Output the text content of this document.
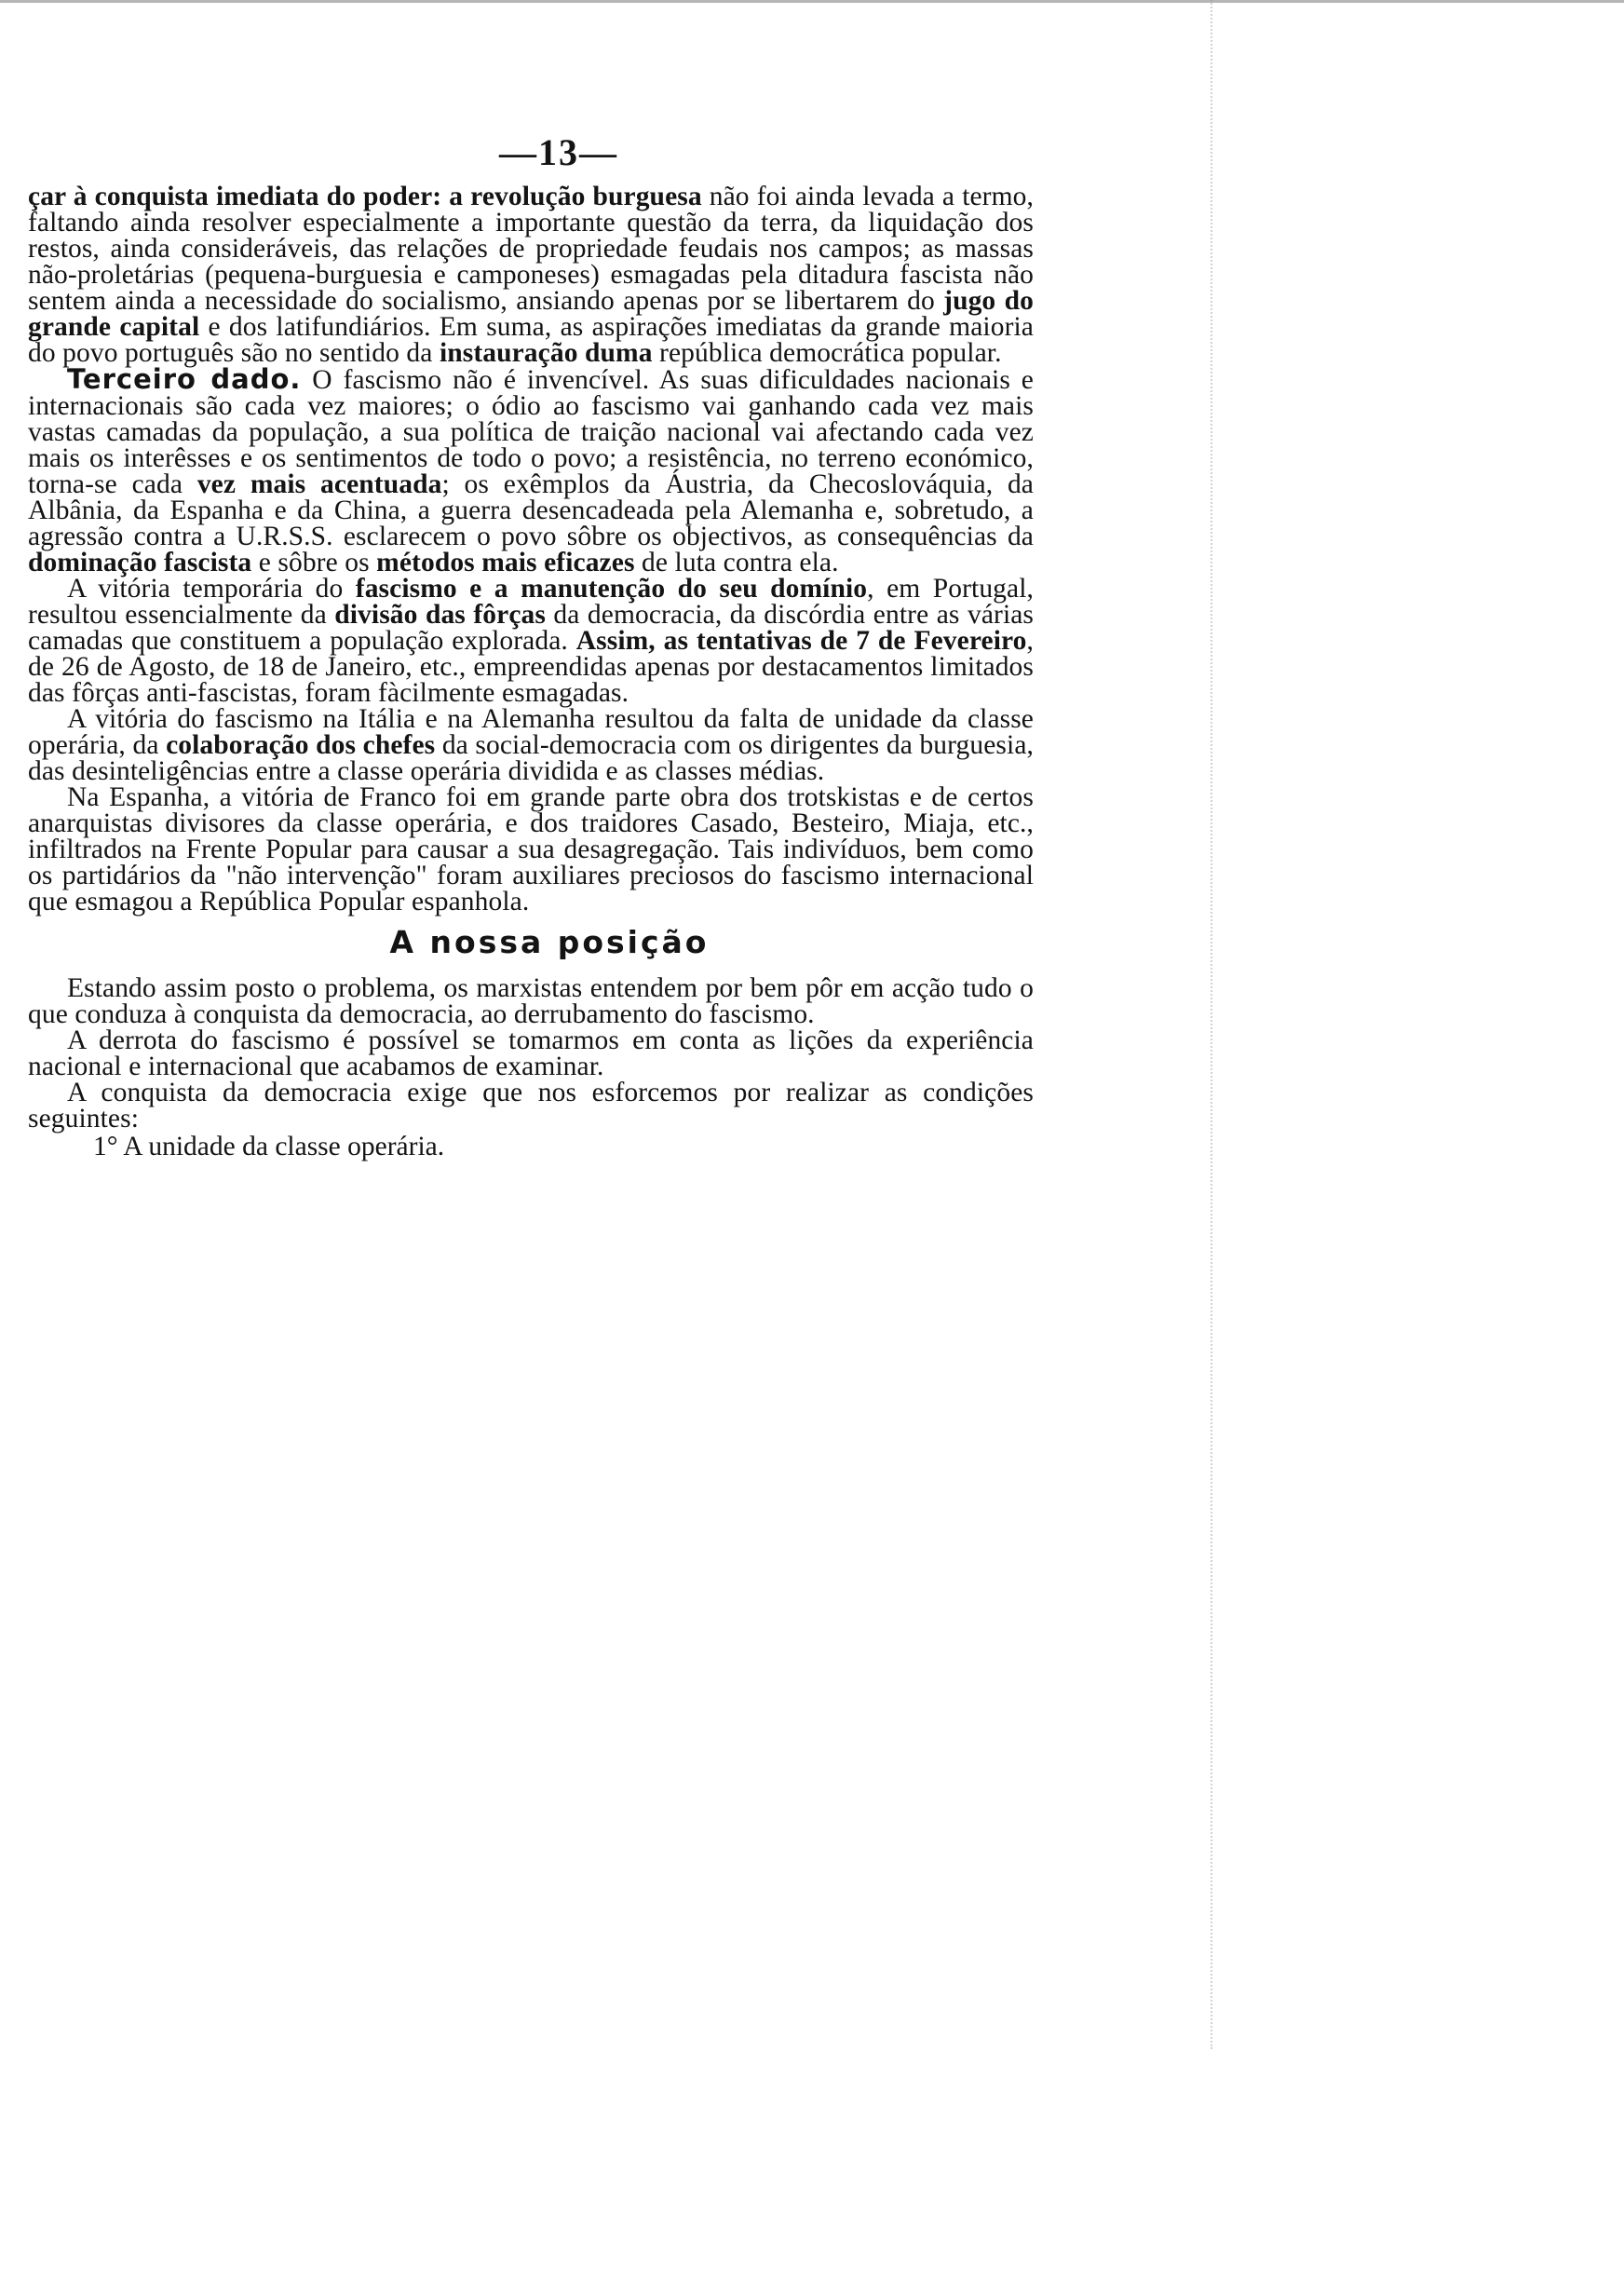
—13—

çar à conquista imediata do poder: a revolução burguesa não foi ainda levada a termo, faltando ainda resolver especialmente a importante questão da terra, da liquidação dos restos, ainda consideráveis, das relações de propriedade feudais nos campos; as massas não-proletárias (pequena-burguesia e camponeses) esmagadas pela ditadura fascista não sentem ainda a necessidade do socialismo, ansiando apenas por se libertarem do jugo do grande capital e dos latifundiários. Em suma, as aspirações imediatas da grande maioria do povo português são no sentido da instauração duma república democrática popular.

Terceiro dado. O fascismo não é invencível. As suas dificuldades nacionais e internacionais são cada vez maiores; o ódio ao fascismo vai ganhando cada vez mais vastas camadas da população, a sua política de traição nacional vai afectando cada vez mais os interêsses e os sentimentos de todo o povo; a resistência, no terreno económico, torna-se cada vez mais acentuada; os exêmplos da Áustria, da Checoslováquia, da Albânia, da Espanha e da China, a guerra desencadeada pela Alemanha e, sobretudo, a agressão contra a U.R.S.S. esclarecem o povo sôbre os objectivos, as consequências da dominação fascista e sôbre os métodos mais eficazes de luta contra ela.

A vitória temporária do fascismo e a manutenção do seu domínio, em Portugal, resultou essencialmente da divisão das fôrças da democracia, da discórdia entre as várias camadas que constituem a população explorada. Assim, as tentativas de 7 de Fevereiro, de 26 de Agosto, de 18 de Janeiro, etc., empreendidas apenas por destacamentos limitados das fôrças anti-fascistas, foram fàcilmente esmagadas.

A vitória do fascismo na Itália e na Alemanha resultou da falta de unidade da classe operária, da colaboração dos chefes da social-democracia com os dirigentes da burguesia, das desinteligências entre a classe operária dividida e as classes médias.

Na Espanha, a vitória de Franco foi em grande parte obra dos trotskistas e de certos anarquistas divisores da classe operária, e dos traidores Casado, Besteiro, Miaja, etc., infiltrados na Frente Popular para causar a sua desagregação. Tais indivíduos, bem como os partidários da "não intervenção" foram auxiliares preciosos do fascismo internacional que esmagou a República Popular espanhola.

A nossa posição

Estando assim posto o problema, os marxistas entendem por bem pôr em acção tudo o que conduza à conquista da democracia, ao derrubamento do fascismo.

A derrota do fascismo é possível se tomarmos em conta as lições da experiência nacional e internacional que acabamos de examinar.

A conquista da democracia exige que nos esforcemos por realizar as condições seguintes:

1° A unidade da classe operária.
